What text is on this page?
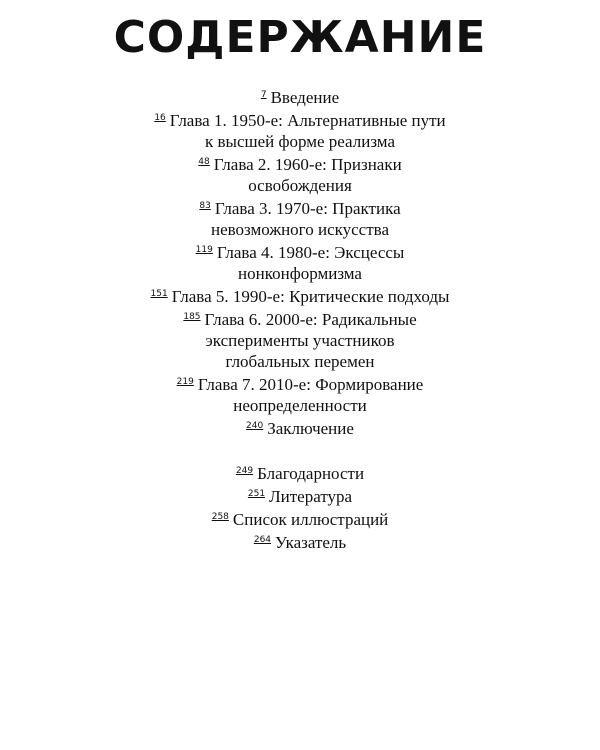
СОДЕРЖАНИЕ
$^7$ Введение
$^{16}$ Глава 1. 1950-е: Альтернативные пути
к высшей форме реализма
$^{48}$ Глава 2. 1960-е: Признаки
освобождения
$^{83}$ Глава 3. 1970-е: Практика
невозможного искусства
$^{119}$ Глава 4. 1980-е: Эксцессы
нонконформизма
$^{151}$ Глава 5. 1990-е: Критические подходы
$^{185}$ Глава 6. 2000-е: Радикальные
эксперименты участников
глобальных перемен
$^{219}$ Глава 7. 2010-е: Формирование
неопределенности
$^{240}$ Заключение
$^{249}$ Благодарности
$^{251}$ Литература
$^{258}$ Список иллюстраций
$^{264}$ Указатель
